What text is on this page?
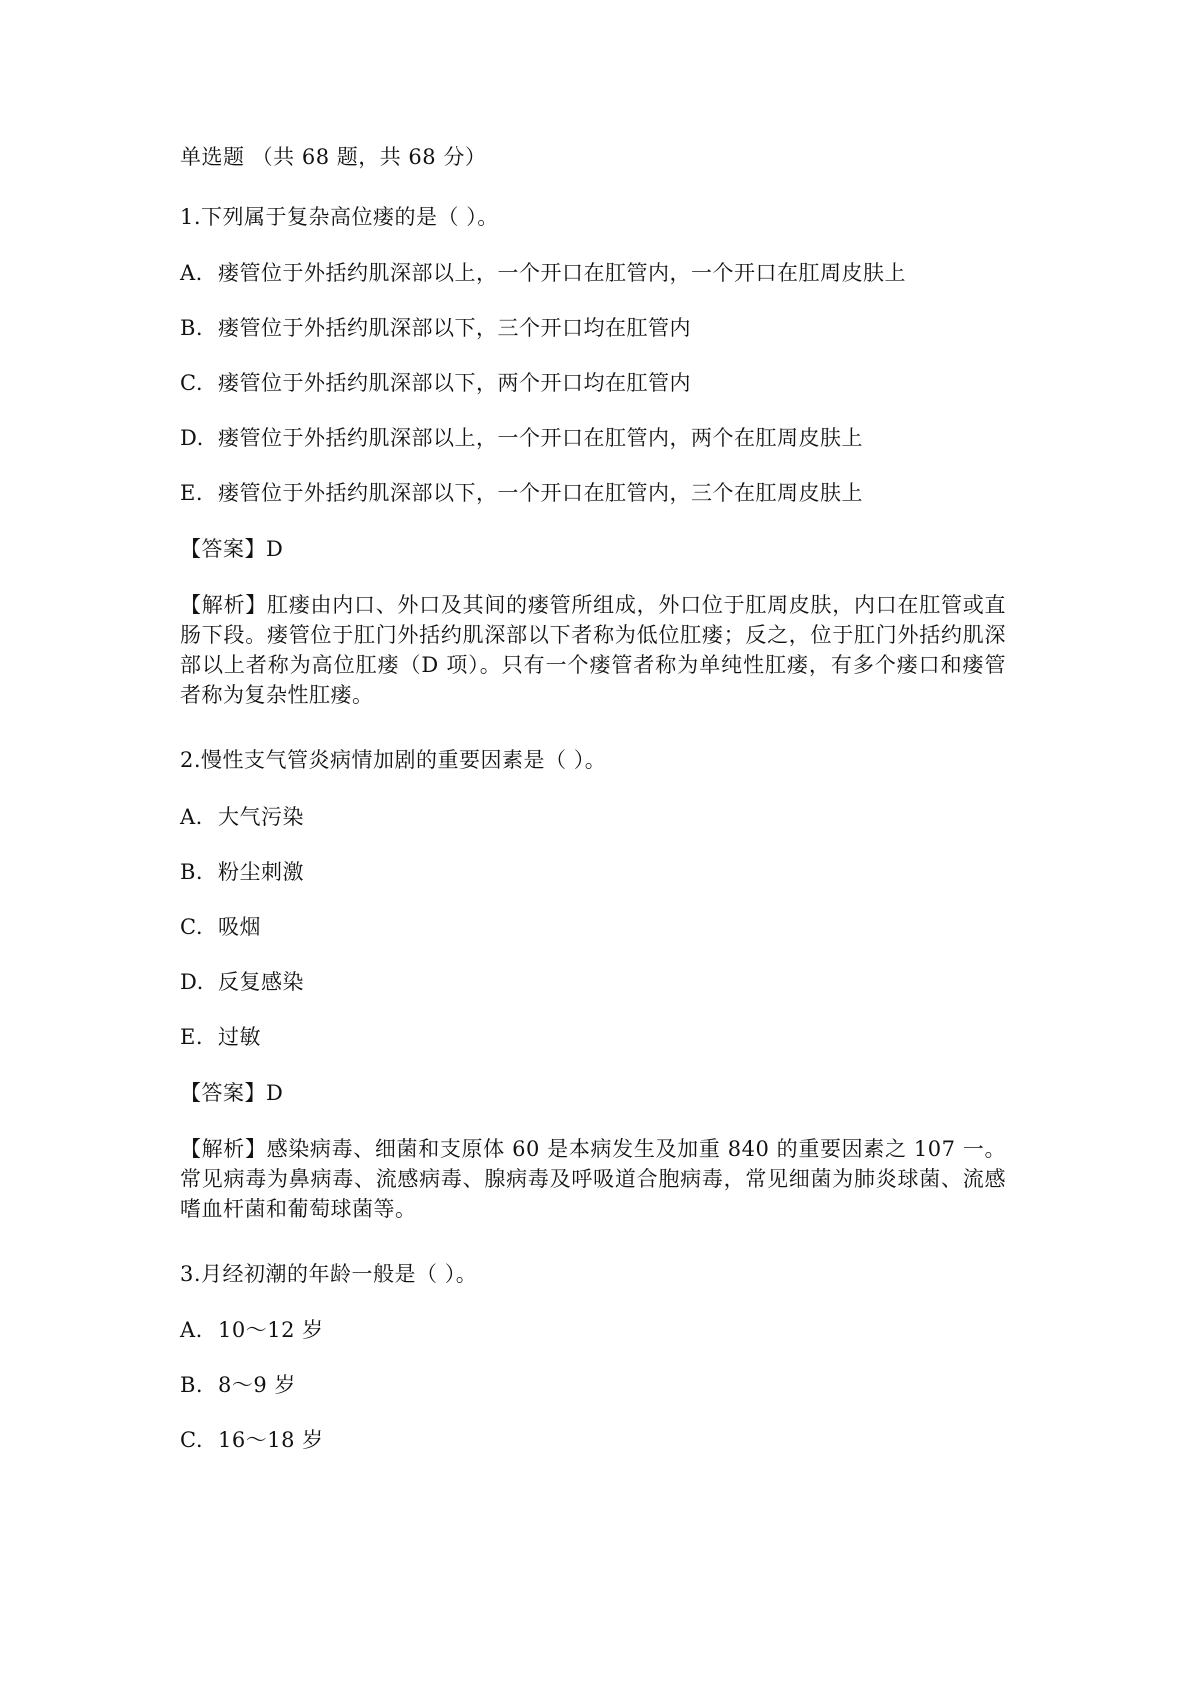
单选题 （共 68 题，共 68 分）
1.下列属于复杂高位瘘的是（ ）。
A. 瘘管位于外括约肌深部以上，一个开口在肛管内，一个开口在肛周皮肤上
B. 瘘管位于外括约肌深部以下，三个开口均在肛管内
C. 瘘管位于外括约肌深部以下，两个开口均在肛管内
D. 瘘管位于外括约肌深部以上，一个开口在肛管内，两个在肛周皮肤上
E. 瘘管位于外括约肌深部以下，一个开口在肛管内，三个在肛周皮肤上
【答案】D
【解析】肛瘘由内口、外口及其间的瘘管所组成，外口位于肛周皮肤，内口在肛管或直肠下段。瘘管位于肛门外括约肌深部以下者称为低位肛瘘；反之，位于肛门外括约肌深部以上者称为高位肛瘘（D 项）。只有一个瘘管者称为单纯性肛瘘，有多个瘘口和瘘管者称为复杂性肛瘘。
2.慢性支气管炎病情加剧的重要因素是（ ）。
A. 大气污染
B. 粉尘刺激
C. 吸烟
D. 反复感染
E. 过敏
【答案】D
【解析】感染病毒、细菌和支原体 60 是本病发生及加重 840 的重要因素之 107 一。常见病毒为鼻病毒、流感病毒、腺病毒及呼吸道合胞病毒，常见细菌为肺炎球菌、流感嗜血杆菌和葡萄球菌等。
3.月经初潮的年龄一般是（ ）。
A. 10～12 岁
B. 8～9 岁
C. 16～18 岁
